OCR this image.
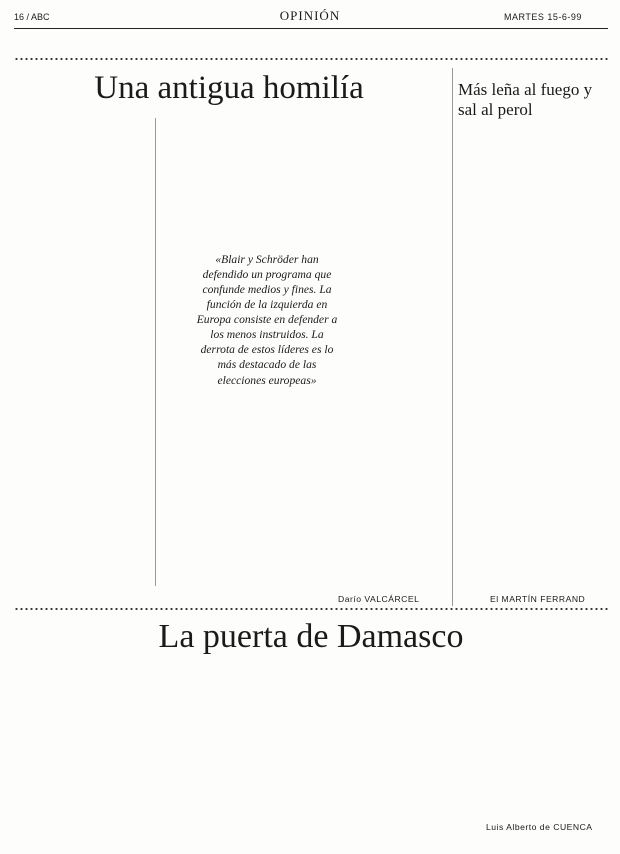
16 / ABC	OPINIÓN	MARTES 15-6-99
Una antigua homilía
«Blair y Schröder han defendido un programa que confunde medios y fines. La función de la izquierda en Europa consiste en defender a los menos instruidos. La derrota de estos líderes es lo más destacado de las elecciones europeas»
Darío VALCÁRCEL
Más leña al fuego y sal al perol
El MARTÍN FERRAND
La puerta de Damasco
Luis Alberto de CUENCA
